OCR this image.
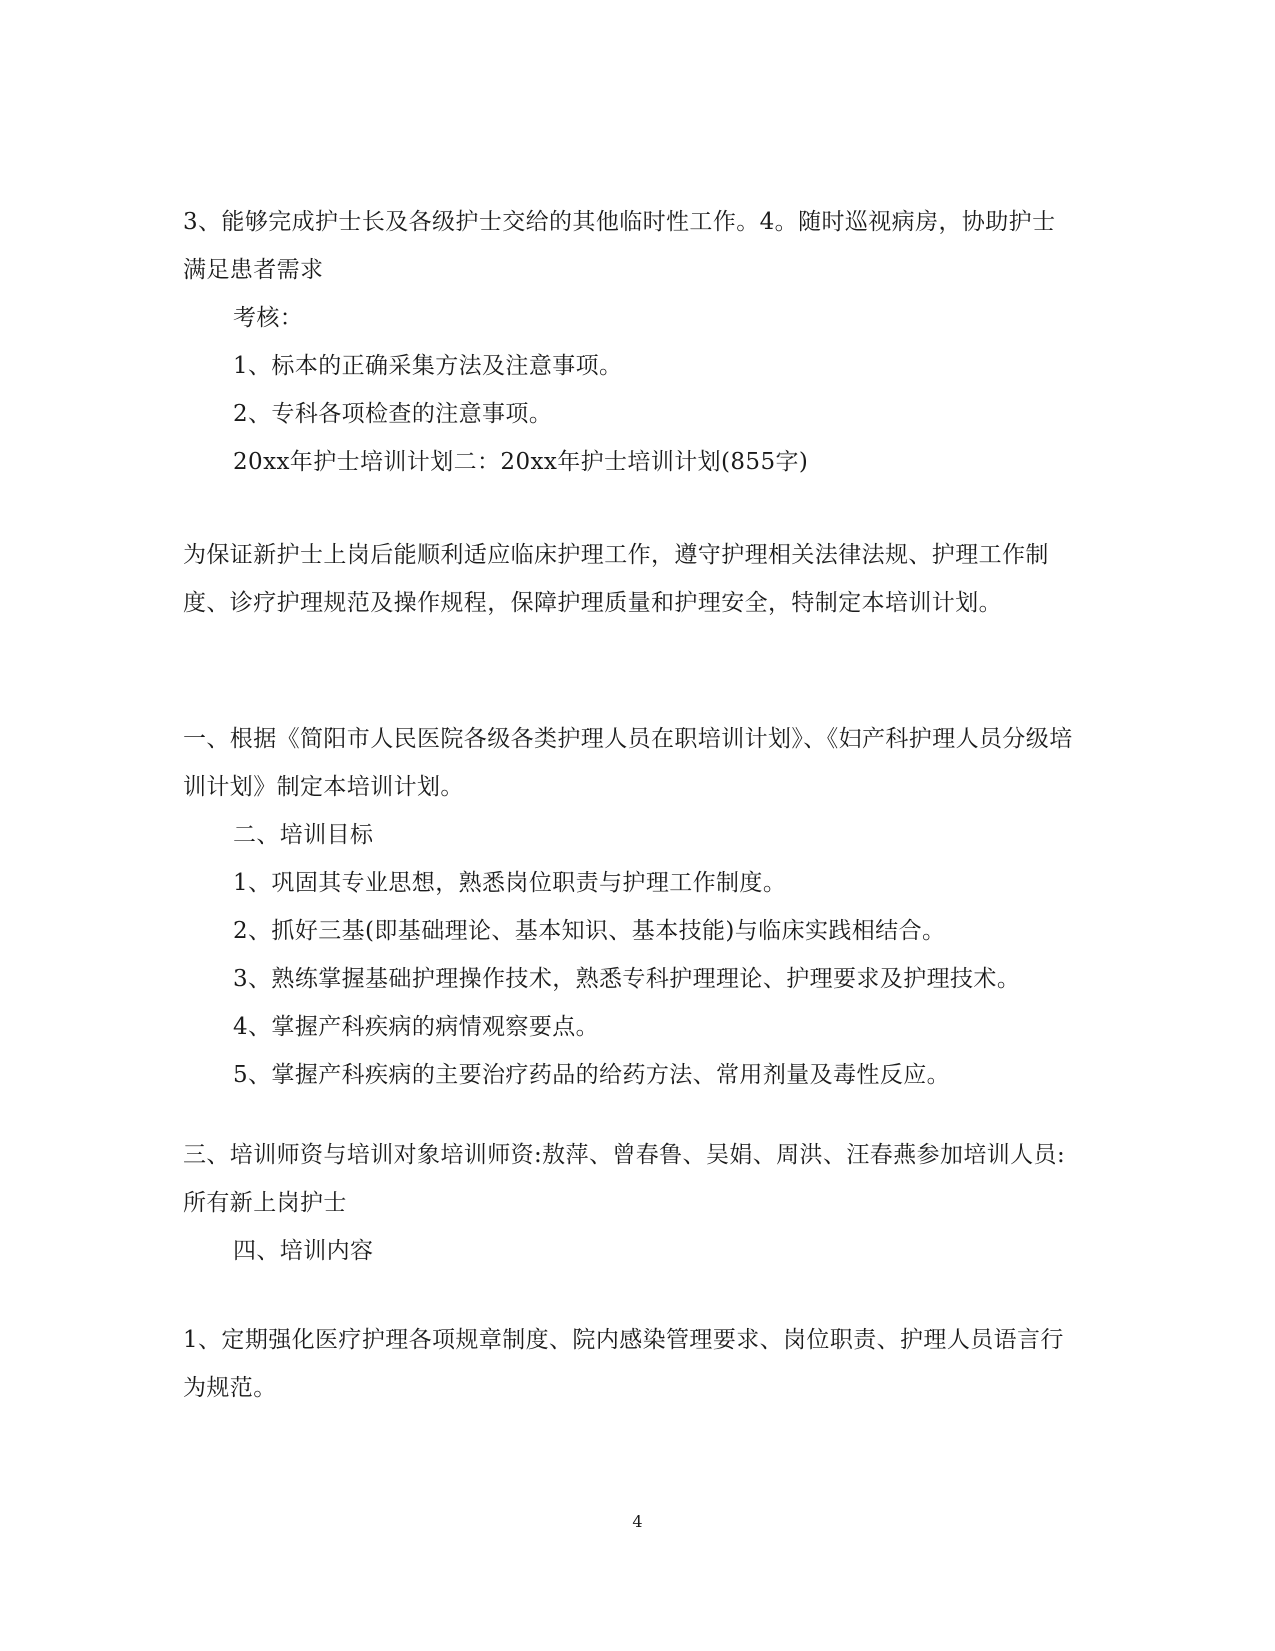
3、能够完成护士长及各级护士交给的其他临时性工作。4。随时巡视病房，协助护士满足患者需求

考核：

1、标本的正确采集方法及注意事项。

2、专科各项检查的注意事项。

20xx年护士培训计划二：20xx年护士培训计划(855字)

为保证新护士上岗后能顺利适应临床护理工作，遵守护理相关法律法规、护理工作制度、诊疗护理规范及操作规程，保障护理质量和护理安全，特制定本培训计划。

一、根据《简阳市人民医院各级各类护理人员在职培训计划》、《妇产科护理人员分级培训计划》制定本培训计划。

二、培训目标

1、巩固其专业思想，熟悉岗位职责与护理工作制度。

2、抓好三基(即基础理论、基本知识、基本技能)与临床实践相结合。

3、熟练掌握基础护理操作技术，熟悉专科护理理论、护理要求及护理技术。

4、掌握产科疾病的病情观察要点。

5、掌握产科疾病的主要治疗药品的给药方法、常用剂量及毒性反应。

三、培训师资与培训对象培训师资:敖萍、曾春鲁、吴娟、周洪、汪春燕参加培训人员:所有新上岗护士

四、培训内容

1、定期强化医疗护理各项规章制度、院内感染管理要求、岗位职责、护理人员语言行为规范。

4
